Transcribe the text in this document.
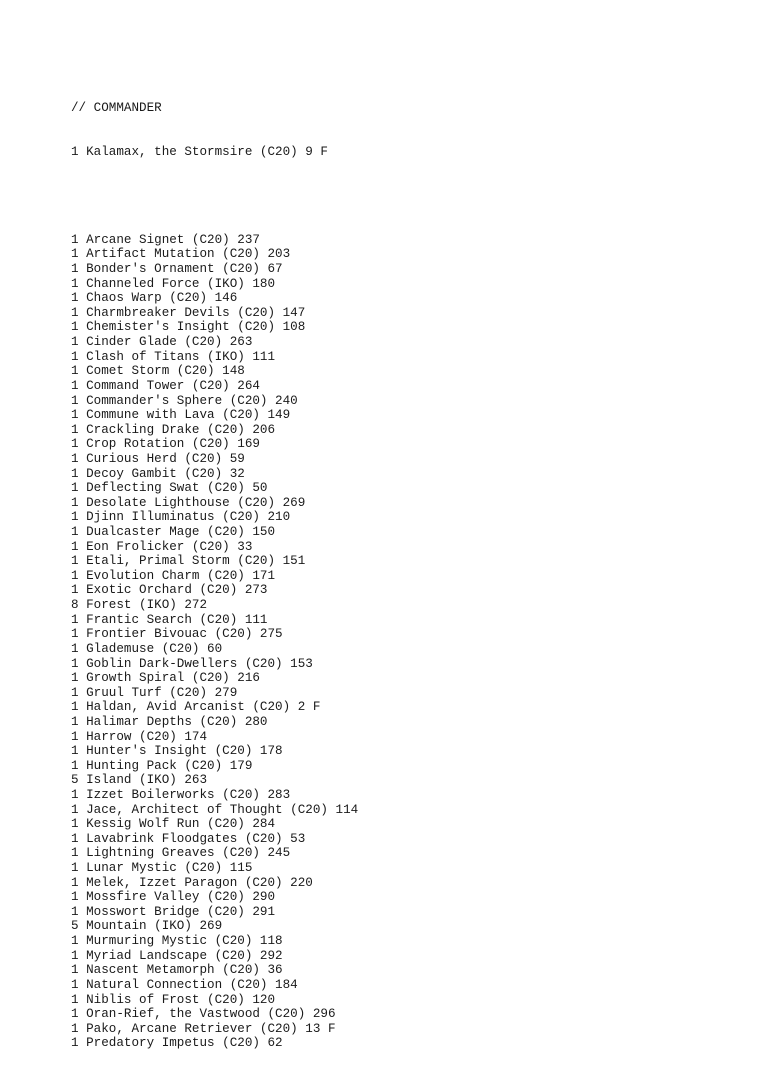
// COMMANDER

1 Kalamax, the Stormsire (C20) 9 F

1 Arcane Signet (C20) 237
1 Artifact Mutation (C20) 203
1 Bonder's Ornament (C20) 67
1 Channeled Force (IKO) 180
1 Chaos Warp (C20) 146
1 Charmbreaker Devils (C20) 147
1 Chemister's Insight (C20) 108
1 Cinder Glade (C20) 263
1 Clash of Titans (IKO) 111
1 Comet Storm (C20) 148
1 Command Tower (C20) 264
1 Commander's Sphere (C20) 240
1 Commune with Lava (C20) 149
1 Crackling Drake (C20) 206
1 Crop Rotation (C20) 169
1 Curious Herd (C20) 59
1 Decoy Gambit (C20) 32
1 Deflecting Swat (C20) 50
1 Desolate Lighthouse (C20) 269
1 Djinn Illuminatus (C20) 210
1 Dualcaster Mage (C20) 150
1 Eon Frolicker (C20) 33
1 Etali, Primal Storm (C20) 151
1 Evolution Charm (C20) 171
1 Exotic Orchard (C20) 273
8 Forest (IKO) 272
1 Frantic Search (C20) 111
1 Frontier Bivouac (C20) 275
1 Glademuse (C20) 60
1 Goblin Dark-Dwellers (C20) 153
1 Growth Spiral (C20) 216
1 Gruul Turf (C20) 279
1 Haldan, Avid Arcanist (C20) 2 F
1 Halimar Depths (C20) 280
1 Harrow (C20) 174
1 Hunter's Insight (C20) 178
1 Hunting Pack (C20) 179
5 Island (IKO) 263
1 Izzet Boilerworks (C20) 283
1 Jace, Architect of Thought (C20) 114
1 Kessig Wolf Run (C20) 284
1 Lavabrink Floodgates (C20) 53
1 Lightning Greaves (C20) 245
1 Lunar Mystic (C20) 115
1 Melek, Izzet Paragon (C20) 220
1 Mossfire Valley (C20) 290
1 Mosswort Bridge (C20) 291
5 Mountain (IKO) 269
1 Murmuring Mystic (C20) 118
1 Myriad Landscape (C20) 292
1 Nascent Metamorph (C20) 36
1 Natural Connection (C20) 184
1 Niblis of Frost (C20) 120
1 Oran-Rief, the Vastwood (C20) 296
1 Pako, Arcane Retriever (C20) 13 F
1 Predatory Impetus (C20) 62
